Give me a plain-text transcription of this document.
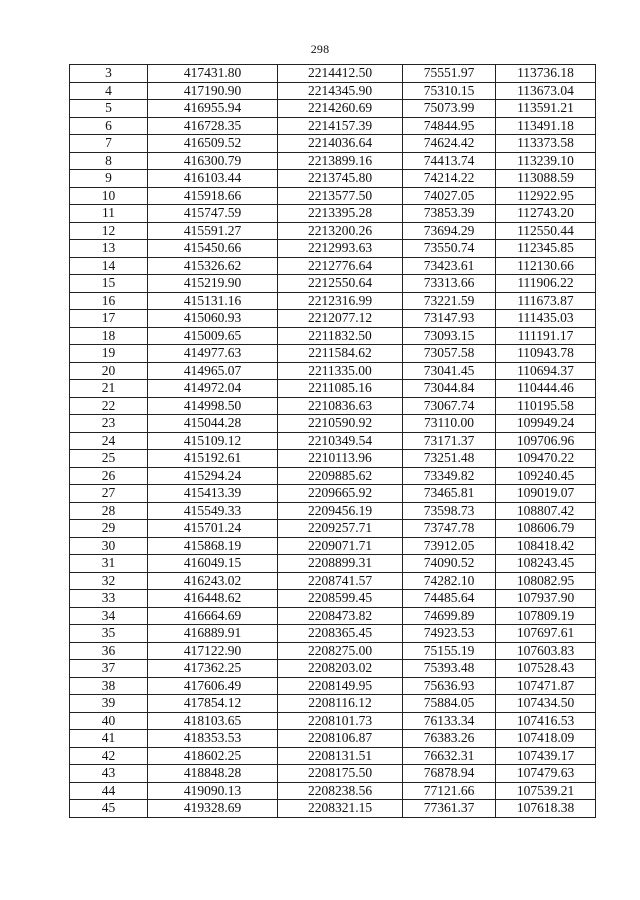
298
3	417431.80	2214412.50	75551.97	113736.18
4	417190.90	2214345.90	75310.15	113673.04
5	416955.94	2214260.69	75073.99	113591.21
6	416728.35	2214157.39	74844.95	113491.18
7	416509.52	2214036.64	74624.42	113373.58
8	416300.79	2213899.16	74413.74	113239.10
9	416103.44	2213745.80	74214.22	113088.59
10	415918.66	2213577.50	74027.05	112922.95
11	415747.59	2213395.28	73853.39	112743.20
12	415591.27	2213200.26	73694.29	112550.44
13	415450.66	2212993.63	73550.74	112345.85
14	415326.62	2212776.64	73423.61	112130.66
15	415219.90	2212550.64	73313.66	111906.22
16	415131.16	2212316.99	73221.59	111673.87
17	415060.93	2212077.12	73147.93	111435.03
18	415009.65	2211832.50	73093.15	111191.17
19	414977.63	2211584.62	73057.58	110943.78
20	414965.07	2211335.00	73041.45	110694.37
21	414972.04	2211085.16	73044.84	110444.46
22	414998.50	2210836.63	73067.74	110195.58
23	415044.28	2210590.92	73110.00	109949.24
24	415109.12	2210349.54	73171.37	109706.96
25	415192.61	2210113.96	73251.48	109470.22
26	415294.24	2209885.62	73349.82	109240.45
27	415413.39	2209665.92	73465.81	109019.07
28	415549.33	2209456.19	73598.73	108807.42
29	415701.24	2209257.71	73747.78	108606.79
30	415868.19	2209071.71	73912.05	108418.42
31	416049.15	2208899.31	74090.52	108243.45
32	416243.02	2208741.57	74282.10	108082.95
33	416448.62	2208599.45	74485.64	107937.90
34	416664.69	2208473.82	74699.89	107809.19
35	416889.91	2208365.45	74923.53	107697.61
36	417122.90	2208275.00	75155.19	107603.83
37	417362.25	2208203.02	75393.48	107528.43
38	417606.49	2208149.95	75636.93	107471.87
39	417854.12	2208116.12	75884.05	107434.50
40	418103.65	2208101.73	76133.34	107416.53
41	418353.53	2208106.87	76383.26	107418.09
42	418602.25	2208131.51	76632.31	107439.17
43	418848.28	2208175.50	76878.94	107479.63
44	419090.13	2208238.56	77121.66	107539.21
45	419328.69	2208321.15	77361.37	107618.38
